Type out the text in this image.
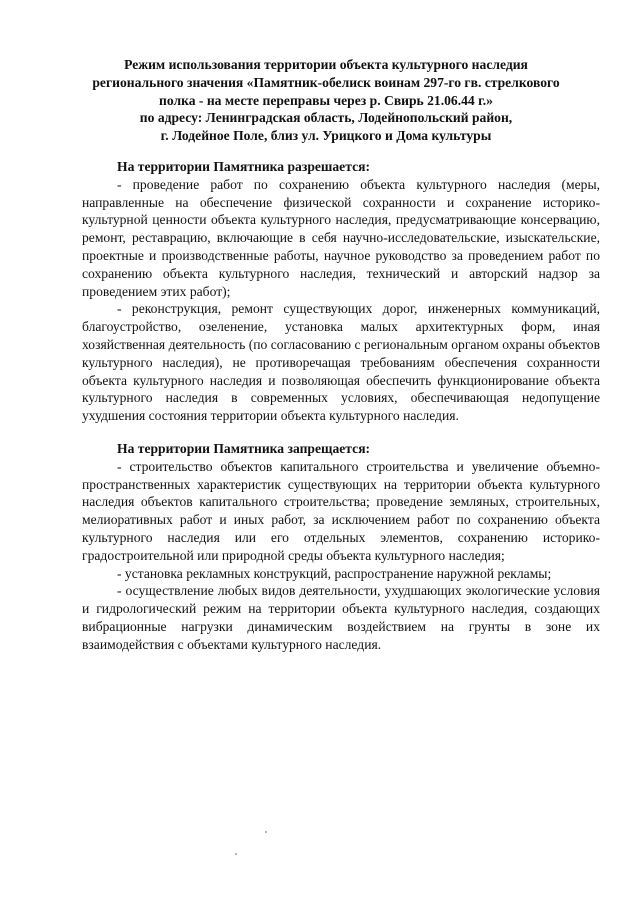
Режим использования территории объекта культурного наследия
регионального значения «Памятник-обелиск воинам 297-го гв. стрелкового
полка - на месте переправы через р. Свирь 21.06.44 г.»
по адресу: Ленинградская область, Лодейнопольский район,
г. Лодейное Поле, близ ул. Урицкого и Дома культуры
На территории Памятника разрешается:
- проведение работ по сохранению объекта культурного наследия (меры, направленные на обеспечение физической сохранности и сохранение историко-культурной ценности объекта культурного наследия, предусматривающие консервацию, ремонт, реставрацию, включающие в себя научно-исследовательские, изыскательские, проектные и производственные работы, научное руководство за проведением работ по сохранению объекта культурного наследия, технический и авторский надзор за проведением этих работ);
- реконструкция, ремонт существующих дорог, инженерных коммуникаций, благоустройство, озеленение, установка малых архитектурных форм, иная хозяйственная деятельность (по согласованию с региональным органом охраны объектов культурного наследия), не противоречащая требованиям обеспечения сохранности объекта культурного наследия и позволяющая обеспечить функционирование объекта культурного наследия в современных условиях, обеспечивающая недопущение ухудшения состояния территории объекта культурного наследия.
На территории Памятника запрещается:
- строительство объектов капитального строительства и увеличение объемно-пространственных характеристик существующих на территории объекта культурного наследия объектов капитального строительства; проведение земляных, строительных, мелиоративных работ и иных работ, за исключением работ по сохранению объекта культурного наследия или его отдельных элементов, сохранению историко-градостроительной или природной среды объекта культурного наследия;
- установка рекламных конструкций, распространение наружной рекламы;
- осуществление любых видов деятельности, ухудшающих экологические условия и гидрологический режим на территории объекта культурного наследия, создающих вибрационные нагрузки динамическим воздействием на грунты в зоне их взаимодействия с объектами культурного наследия.
